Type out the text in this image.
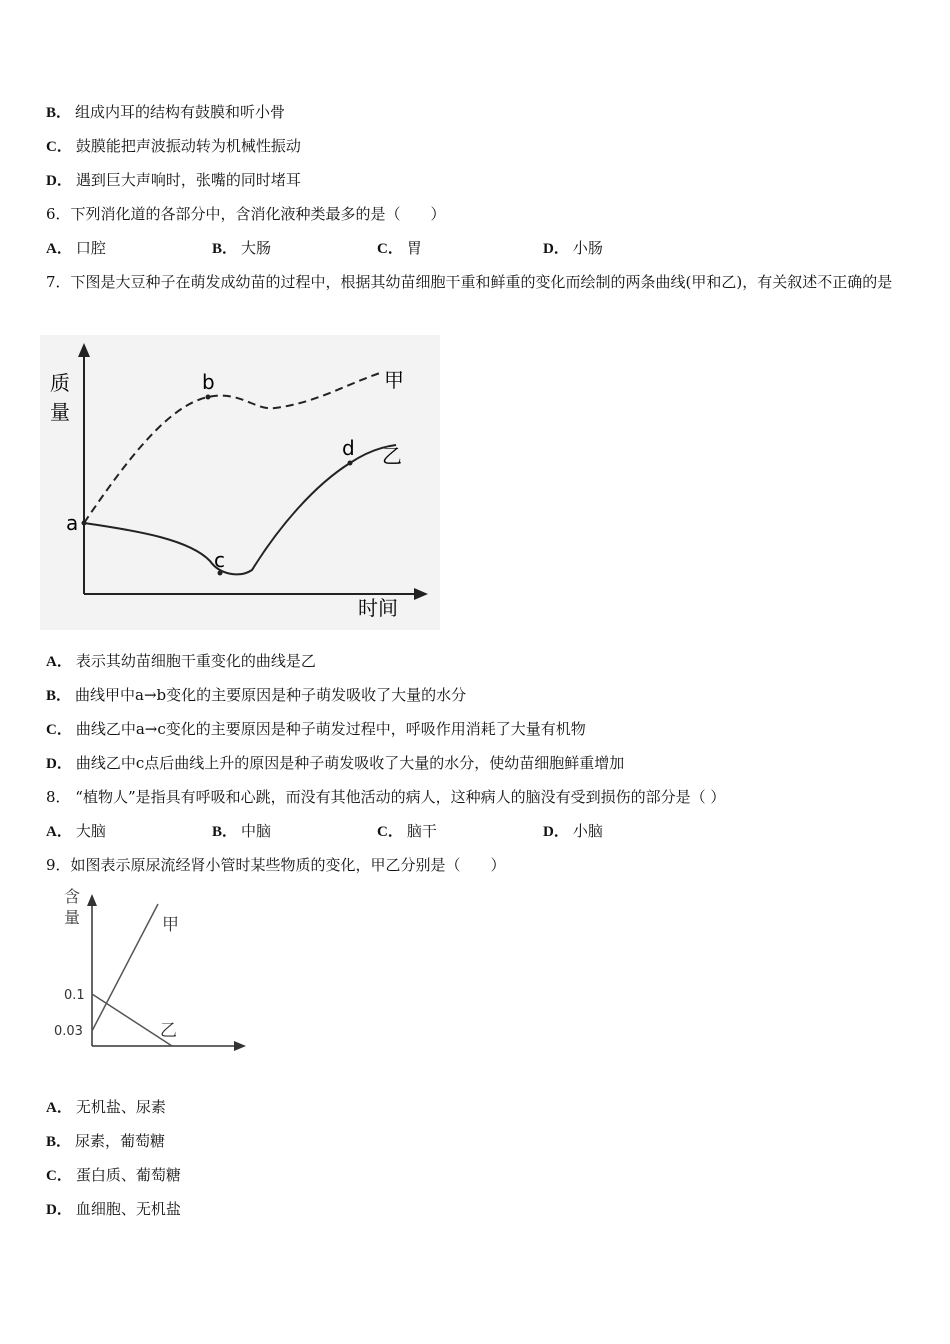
B． 组成内耳的结构有鼓膜和听小骨
C． 鼓膜能把声波振动转为机械性振动
D． 遇到巨大声响时，张嘴的同时堵耳
6．下列消化道的各部分中，含消化液种类最多的是（　　）
A． 口腔	B． 大肠	C． 胃	D． 小肠
7．下图是大豆种子在萌发成幼苗的过程中，根据其幼苗细胞干重和鲜重的变化而绘制的两条曲线(甲和乙)，有关叙述不正确的是
质
量
a
b
c
d
甲
乙
时间
A． 表示其幼苗细胞干重变化的曲线是乙
B． 曲线甲中a→b变化的主要原因是种子萌发吸收了大量的水分
C． 曲线乙中a→c变化的主要原因是种子萌发过程中，呼吸作用消耗了大量有机物
D． 曲线乙中c点后曲线上升的原因是种子萌发吸收了大量的水分，使幼苗细胞鲜重增加
8． “植物人”是指具有呼吸和心跳，而没有其他活动的病人，这种病人的脑没有受到损伤的部分是（ ）
A． 大脑	B． 中脑	C． 脑干	D． 小脑
9．如图表示原尿流经肾小管时某些物质的变化，甲乙分别是（　　）
含
量	甲
乙
0.1
0.03
A． 无机盐、尿素
B． 尿素，葡萄糖
C． 蛋白质、葡萄糖
D． 血细胞、无机盐
